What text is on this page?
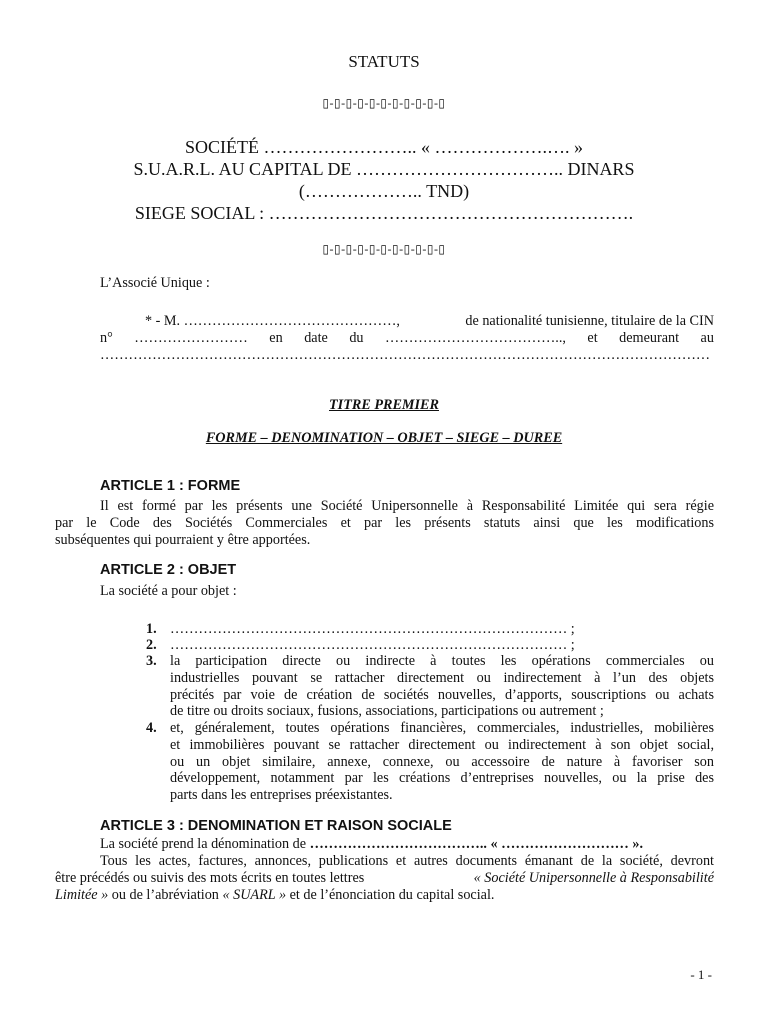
STATUTS
▯-▯-▯-▯-▯-▯-▯-▯-▯-▯-▯
SOCIÉTÉ …………………….. « ……………….…. »
S.U.A.R.L. AU CAPITAL DE …………………………….. DINARS
(……………….. TND)
SIEGE SOCIAL : …………………………………………………….
▯-▯-▯-▯-▯-▯-▯-▯-▯-▯-▯
L’Associé Unique :
* - M. ………………………………………,	de nationalité tunisienne, titulaire de la CIN
n° …………………… en date du ……………………………….., et demeurant au
…………………………………………………………………………………………………………………
TITRE PREMIER
FORME – DENOMINATION – OBJET – SIEGE – DUREE
ARTICLE 1 : FORME
Il est formé par les présents une Société Unipersonnelle à Responsabilité Limitée qui sera régie
par le Code des Sociétés Commerciales et par les présents statuts ainsi que les modifications
subséquentes qui pourraient y être apportées.
ARTICLE 2 : OBJET
La société a pour objet :
1. ………………………………………………………………………… ;
2. ………………………………………………………………………… ;
3. la participation directe ou indirecte à toutes les opérations commerciales ou
industrielles pouvant se rattacher directement ou indirectement à l’un des objets
précités par voie de création de sociétés nouvelles, d’apports, souscriptions ou achats
de titre ou droits sociaux, fusions, associations, participations ou autrement ;
4. et, généralement, toutes opérations financières, commerciales, industrielles, mobilières
et immobilières pouvant se rattacher directement ou indirectement à son objet social,
ou un objet similaire, annexe, connexe, ou accessoire de nature à favoriser son
développement, notamment par les créations d’entreprises nouvelles, ou la prise des
parts dans les entreprises préexistantes.
ARTICLE 3 : DENOMINATION ET RAISON SOCIALE
La société prend la dénomination de ……………………………….. « ……………………… ».
Tous les actes, factures, annonces, publications et autres documents émanant de la société, devront
être précédés ou suivis des mots écrits en toutes lettres	« Société Unipersonnelle à Responsabilité
Limitée » ou de l’abréviation « SUARL » et de l’énonciation du capital social.
- 1 -
